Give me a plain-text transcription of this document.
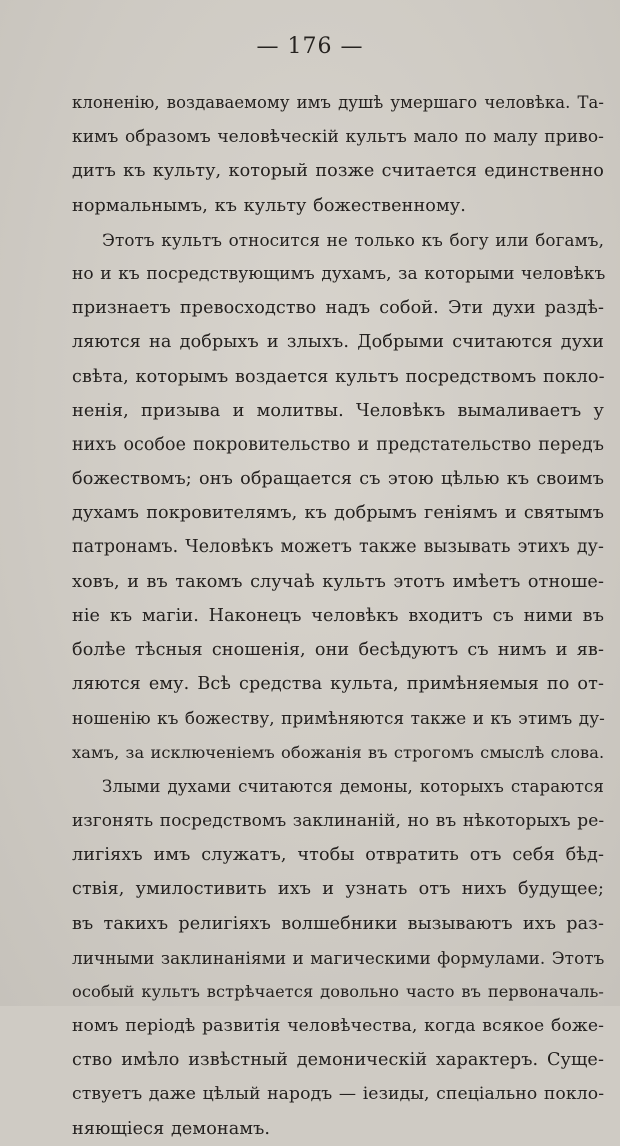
— 176 —
клоненію, воздаваемому имъ душѣ умершаго человѣка. Та-
кимъ образомъ человѣческій культъ мало по малу приво-
дитъ къ культу, который позже считается единственно
нормальнымъ, къ культу божественному.
Этотъ культъ относится не только къ богу или богамъ,
но и къ посредствующимъ духамъ, за которыми человѣкъ
признаетъ превосходство надъ собой. Эти духи раздѣ-
ляются на добрыхъ и злыхъ. Добрыми считаются духи
свѣта, которымъ воздается культъ посредствомъ покло-
ненія, призыва и молитвы. Человѣкъ вымаливаетъ у
нихъ особое покровительство и предстательство передъ
божествомъ; онъ обращается съ этою цѣлью къ своимъ
духамъ покровителямъ, къ добрымъ геніямъ и святымъ
патронамъ. Человѣкъ можетъ также вызывать этихъ ду-
ховъ, и въ такомъ случаѣ культъ этотъ имѣетъ отноше-
ніе къ магіи. Наконецъ человѣкъ входитъ съ ними въ
болѣе тѣсныя сношенія, они бесѣдуютъ съ нимъ и яв-
ляются ему. Всѣ средства культа, примѣняемыя по от-
ношенію къ божеству, примѣняются также и къ этимъ ду-
хамъ, за исключеніемъ обожанія въ строгомъ смыслѣ слова.
Злыми духами считаются демоны, которыхъ стараются
изгонять посредствомъ заклинаній, но въ нѣкоторыхъ ре-
лигіяхъ имъ служатъ, чтобы отвратить отъ себя бѣд-
ствія, умилостивить ихъ и узнать отъ нихъ будущее;
въ такихъ религіяхъ волшебники вызываютъ ихъ раз-
личными заклинаніями и магическими формулами. Этотъ
особый культъ встрѣчается довольно часто въ первоначаль-
номъ періодѣ развитія человѣчества, когда всякое боже-
ство имѣло извѣстный демоническій характеръ. Суще-
ствуетъ даже цѣлый народъ — іезиды, спеціально покло-
няющіеся демонамъ.
